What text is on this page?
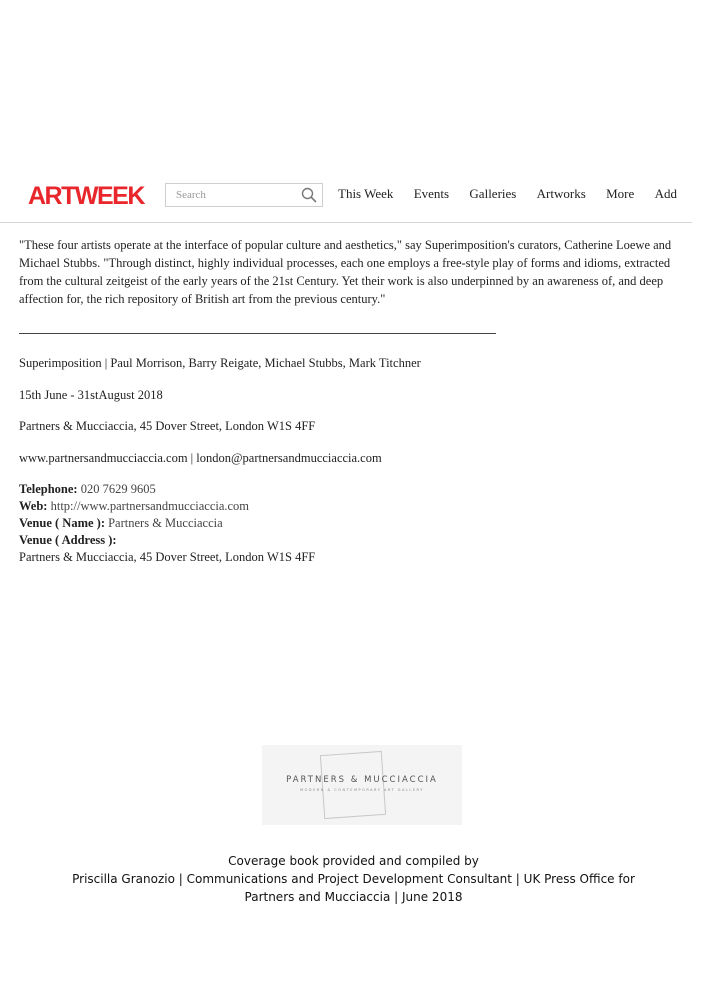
ARTWEEK
Search	This Week Events Galleries Artworks More Add

"These four artists operate at the interface of popular culture and aesthetics," say Superimposition's curators, Catherine Loewe and Michael Stubbs. "Through distinct, highly individual processes, each one employs a free-style play of forms and idioms, extracted from the cultural zeitgeist of the early years of the 21st Century. Yet their work is also underpinned by an awareness of, and deep affection for, the rich repository of British art from the previous century."

Superimposition | Paul Morrison, Barry Reigate, Michael Stubbs, Mark Titchner

15th June - 31stAugust 2018

Partners & Mucciaccia, 45 Dover Street, London W1S 4FF

www.partnersandmucciaccia.com | london@partnersandmucciaccia.com

Telephone: 020 7629 9605

Web: http://www.partnersandmucciaccia.com

Venue ( Name ): Partners & Mucciaccia

Venue ( Address ):

Partners & Mucciaccia, 45 Dover Street, London W1S 4FF

PARTNERS & MUCCIACCIA
MODERN & CONTEMPORARY ART GALLERY

Coverage book provided and compiled by

Priscilla Granozio | Communications and Project Development Consultant | UK Press Office for

Partners and Mucciaccia | June 2018
